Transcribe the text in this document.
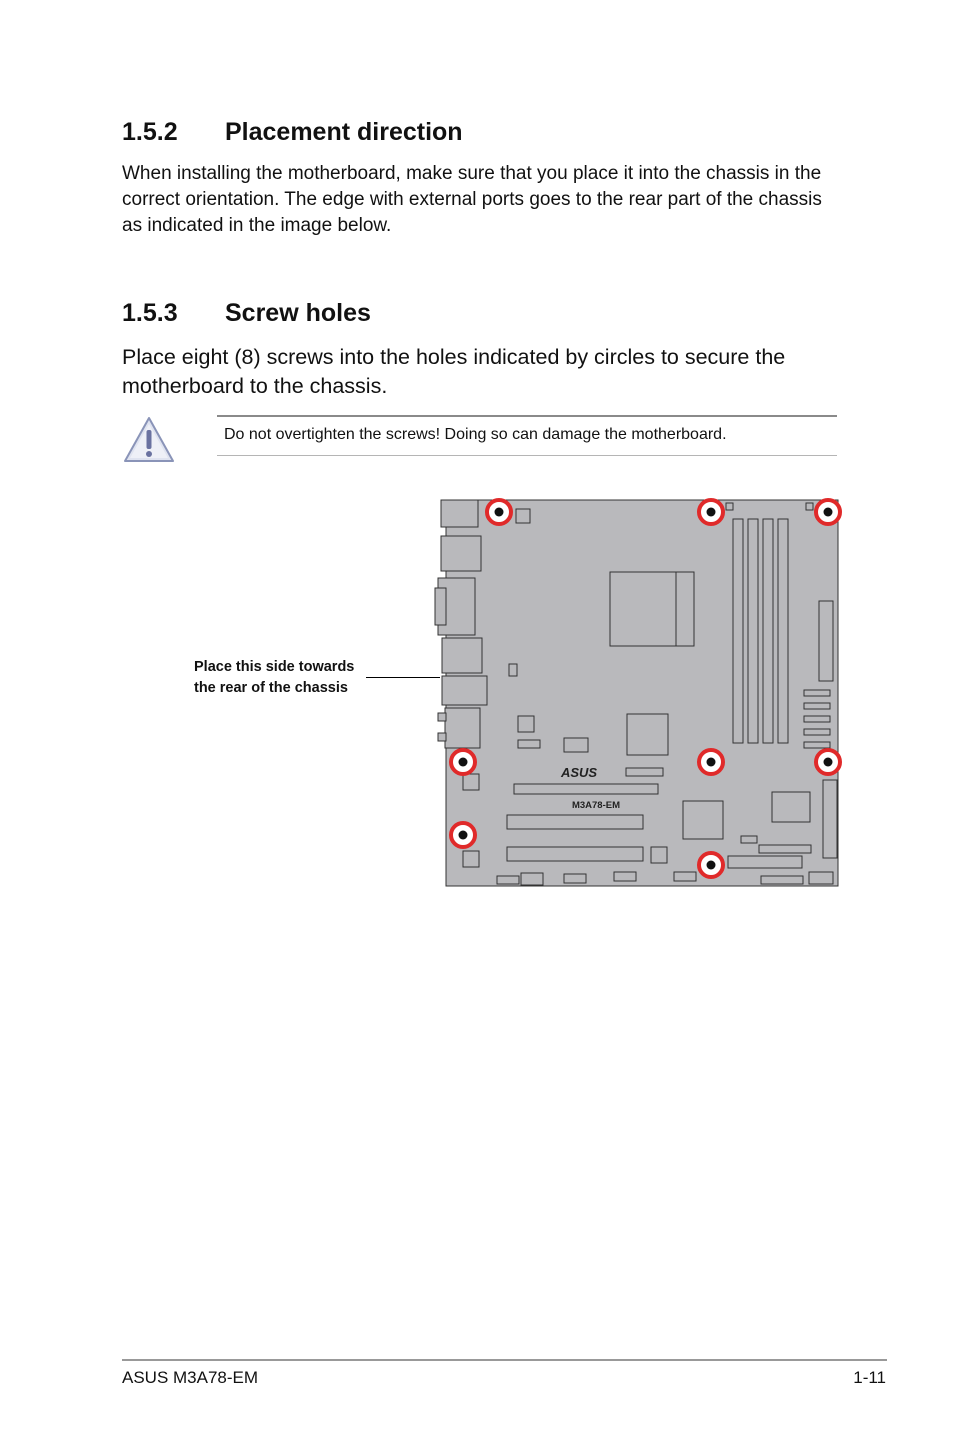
1.5.2 Placement direction

When installing the motherboard, make sure that you place it into the chassis in the correct orientation. The edge with external ports goes to the rear part of the chassis as indicated in the image below.

1.5.3 Screw holes

Place eight (8) screws into the holes indicated by circles to secure the motherboard to the chassis.

Do not overtighten the screws! Doing so can damage the motherboard.

Place this side towards
the rear of the chassis

ASUS
M3A78-EM

ASUS M3A78-EM	1-11
